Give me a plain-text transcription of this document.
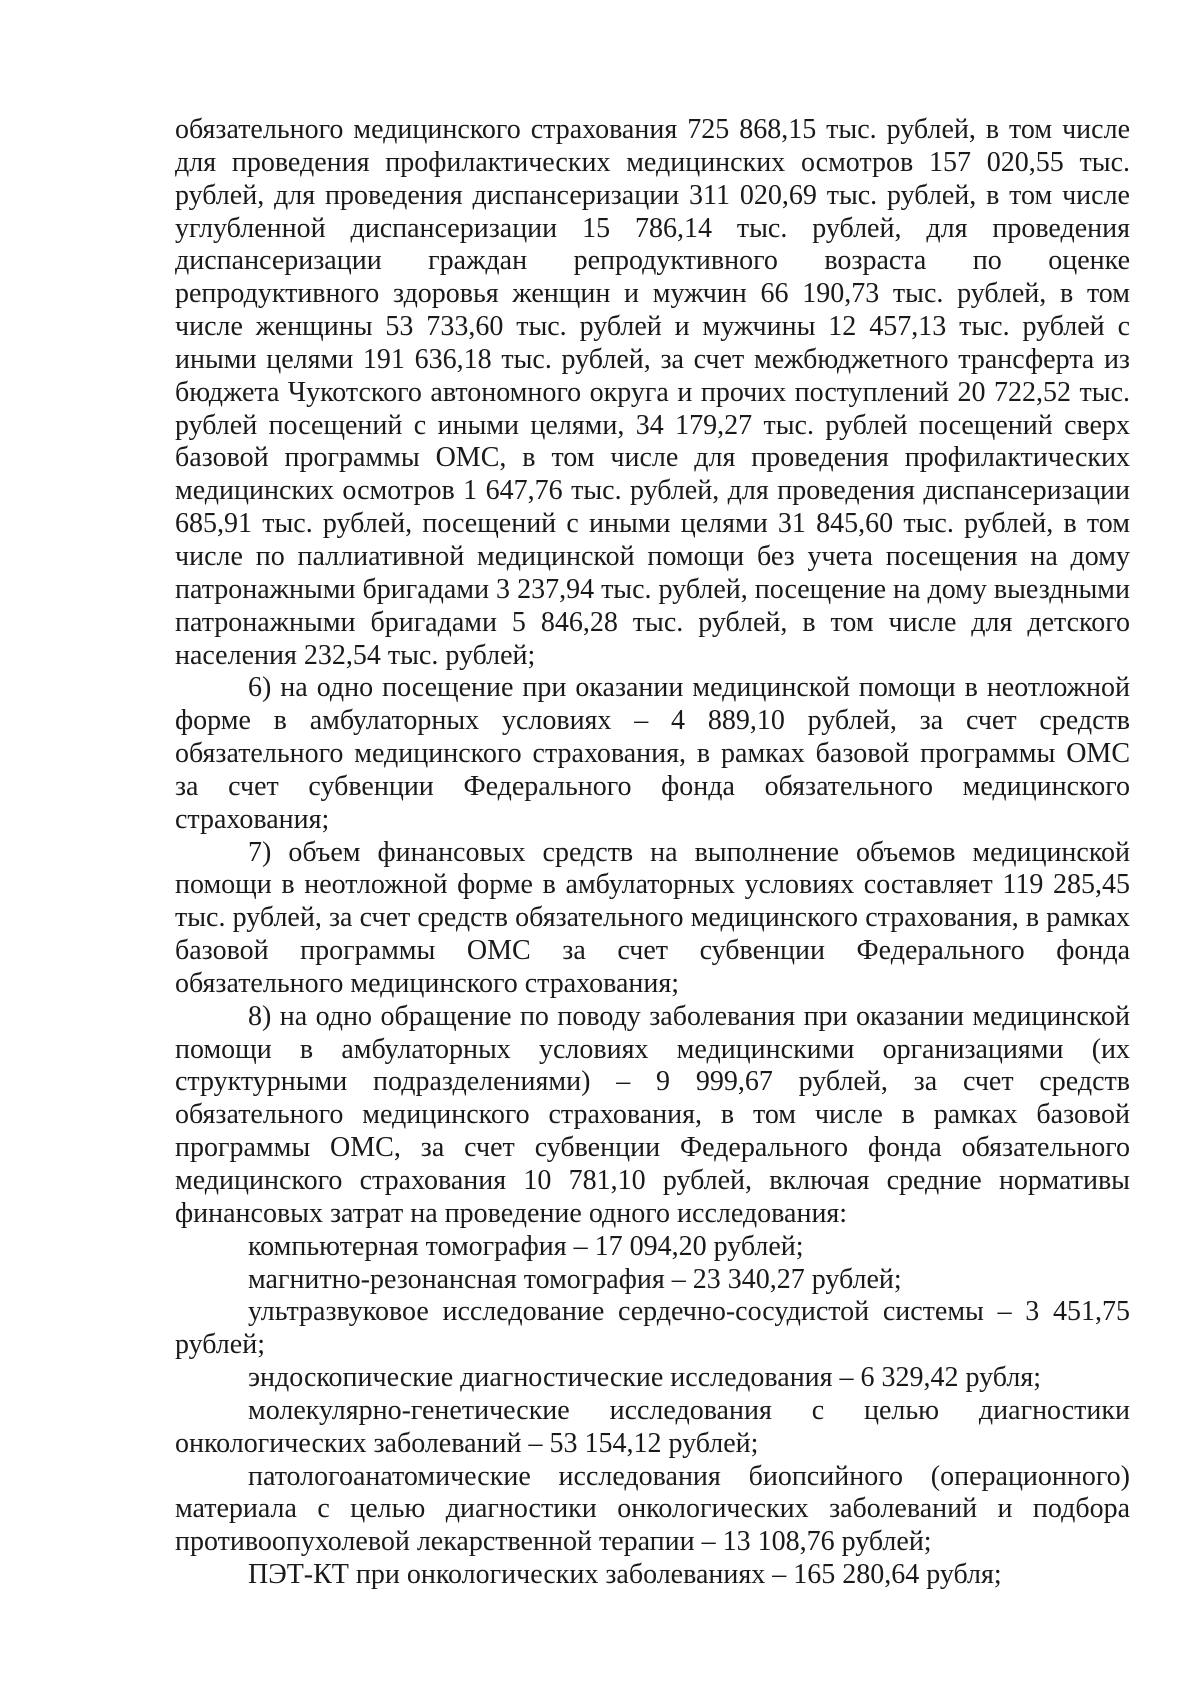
обязательного медицинского страхования 725 868,15 тыс. рублей, в том числе для проведения профилактических медицинских осмотров 157 020,55 тыс. рублей, для проведения диспансеризации 311 020,69 тыс. рублей, в том числе углубленной диспансеризации 15 786,14 тыс. рублей, для проведения диспансеризации граждан репродуктивного возраста по оценке репродуктивного здоровья женщин и мужчин 66 190,73 тыс. рублей, в том числе женщины 53 733,60 тыс. рублей и мужчины 12 457,13 тыс. рублей с иными целями 191 636,18 тыс. рублей, за счет межбюджетного трансферта из бюджета Чукотского автономного округа и прочих поступлений 20 722,52 тыс. рублей посещений с иными целями, 34 179,27 тыс. рублей посещений сверх базовой программы ОМС, в том числе для проведения профилактических медицинских осмотров 1 647,76 тыс. рублей, для проведения диспансеризации 685,91 тыс. рублей, посещений с иными целями 31 845,60 тыс. рублей, в том числе по паллиативной медицинской помощи без учета посещения на дому патронажными бригадами 3 237,94 тыс. рублей, посещение на дому выездными патронажными бригадами 5 846,28 тыс. рублей, в том числе для детского населения 232,54 тыс. рублей;

6) на одно посещение при оказании медицинской помощи в неотложной форме в амбулаторных условиях – 4 889,10 рублей, за счет средств обязательного медицинского страхования, в рамках базовой программы ОМС за счет субвенции Федерального фонда обязательного медицинского страхования;

7) объем финансовых средств на выполнение объемов медицинской помощи в неотложной форме в амбулаторных условиях составляет 119 285,45 тыс. рублей, за счет средств обязательного медицинского страхования, в рамках базовой программы ОМС за счет субвенции Федерального фонда обязательного медицинского страхования;

8) на одно обращение по поводу заболевания при оказании медицинской помощи в амбулаторных условиях медицинскими организациями (их структурными подразделениями) – 9 999,67 рублей, за счет средств обязательного медицинского страхования, в том числе в рамках базовой программы ОМС, за счет субвенции Федерального фонда обязательного медицинского страхования 10 781,10 рублей, включая средние нормативы финансовых затрат на проведение одного исследования:

компьютерная томография – 17 094,20 рублей;

магнитно-резонансная томография – 23 340,27 рублей;

ультразвуковое исследование сердечно-сосудистой системы – 3 451,75 рублей;

эндоскопические диагностические исследования – 6 329,42 рубля;

молекулярно-генетические исследования с целью диагностики онкологических заболеваний – 53 154,12 рублей;

патологоанатомические исследования биопсийного (операционного) материала с целью диагностики онкологических заболеваний и подбора противоопухолевой лекарственной терапии – 13 108,76 рублей;

ПЭТ-КТ при онкологических заболеваниях – 165 280,64 рубля;
